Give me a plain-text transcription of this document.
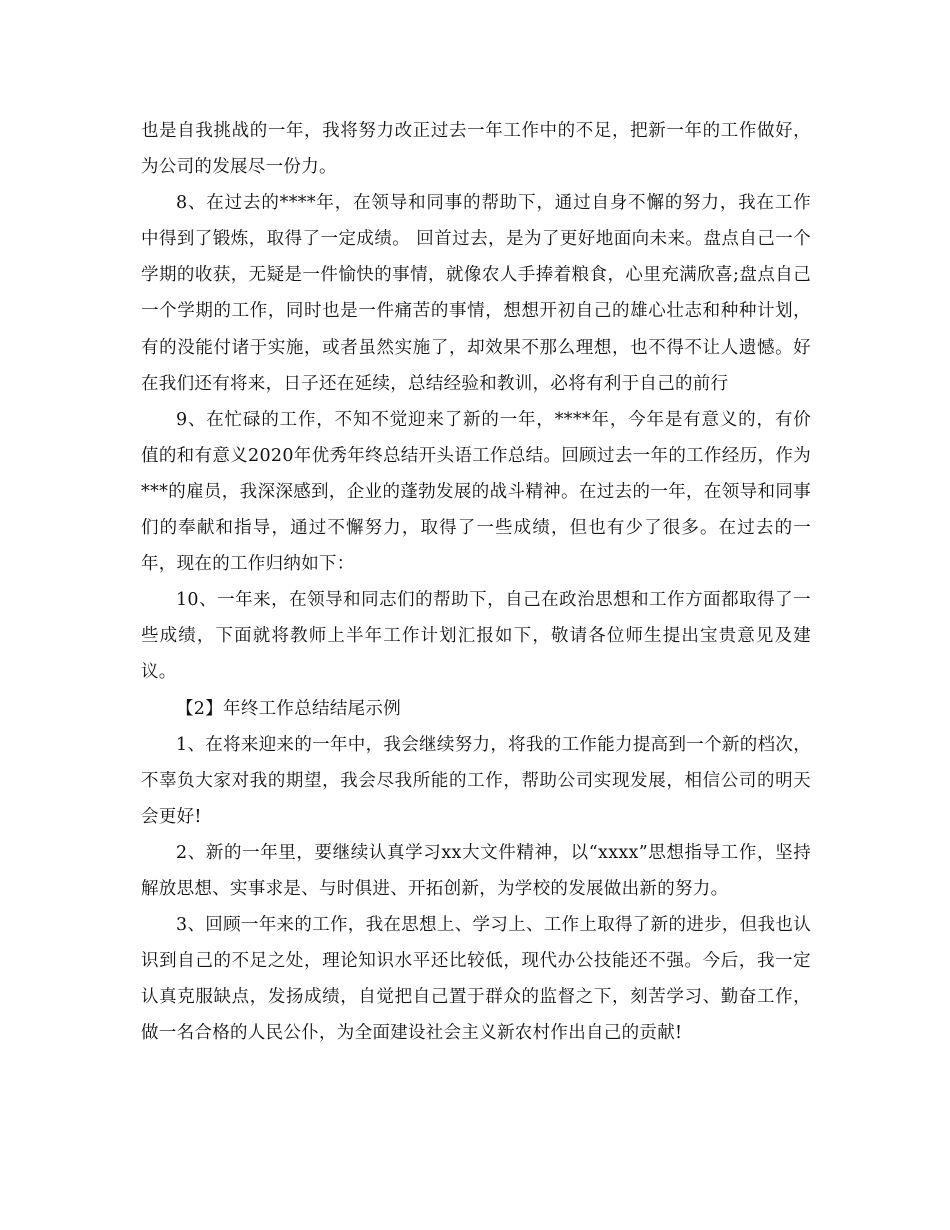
也是自我挑战的一年，我将努力改正过去一年工作中的不足，把新一年的工作做好，为公司的发展尽一份力。

8、在过去的****年，在领导和同事的帮助下，通过自身不懈的努力，我在工作中得到了锻炼，取得了一定成绩。 回首过去，是为了更好地面向未来。盘点自己一个学期的收获，无疑是一件愉快的事情，就像农人手捧着粮食，心里充满欣喜;盘点自己一个学期的工作，同时也是一件痛苦的事情，想想开初自己的雄心壮志和种种计划，有的没能付诸于实施，或者虽然实施了，却效果不那么理想，也不得不让人遗憾。好在我们还有将来，日子还在延续，总结经验和教训，必将有利于自己的前行

9、在忙碌的工作，不知不觉迎来了新的一年，****年，今年是有意义的，有价值的和有意义2020年优秀年终总结开头语工作总结。回顾过去一年的工作经历，作为***的雇员，我深深感到，企业的蓬勃发展的战斗精神。在过去的一年，在领导和同事们的奉献和指导，通过不懈努力，取得了一些成绩，但也有少了很多。在过去的一年，现在的工作归纳如下：

10、一年来，在领导和同志们的帮助下，自己在政治思想和工作方面都取得了一些成绩，下面就将教师上半年工作计划汇报如下，敬请各位师生提出宝贵意见及建议。

【2】年终工作总结结尾示例

1、在将来迎来的一年中，我会继续努力，将我的工作能力提高到一个新的档次，不辜负大家对我的期望，我会尽我所能的工作，帮助公司实现发展，相信公司的明天会更好!

2、新的一年里，要继续认真学习xx大文件精神，以“xxxx”思想指导工作，坚持解放思想、实事求是、与时俱进、开拓创新，为学校的发展做出新的努力。

3、回顾一年来的工作，我在思想上、学习上、工作上取得了新的进步，但我也认识到自己的不足之处，理论知识水平还比较低，现代办公技能还不强。今后，我一定认真克服缺点，发扬成绩，自觉把自己置于群众的监督之下，刻苦学习、勤奋工作，做一名合格的人民公仆，为全面建设社会主义新农村作出自己的贡献!
